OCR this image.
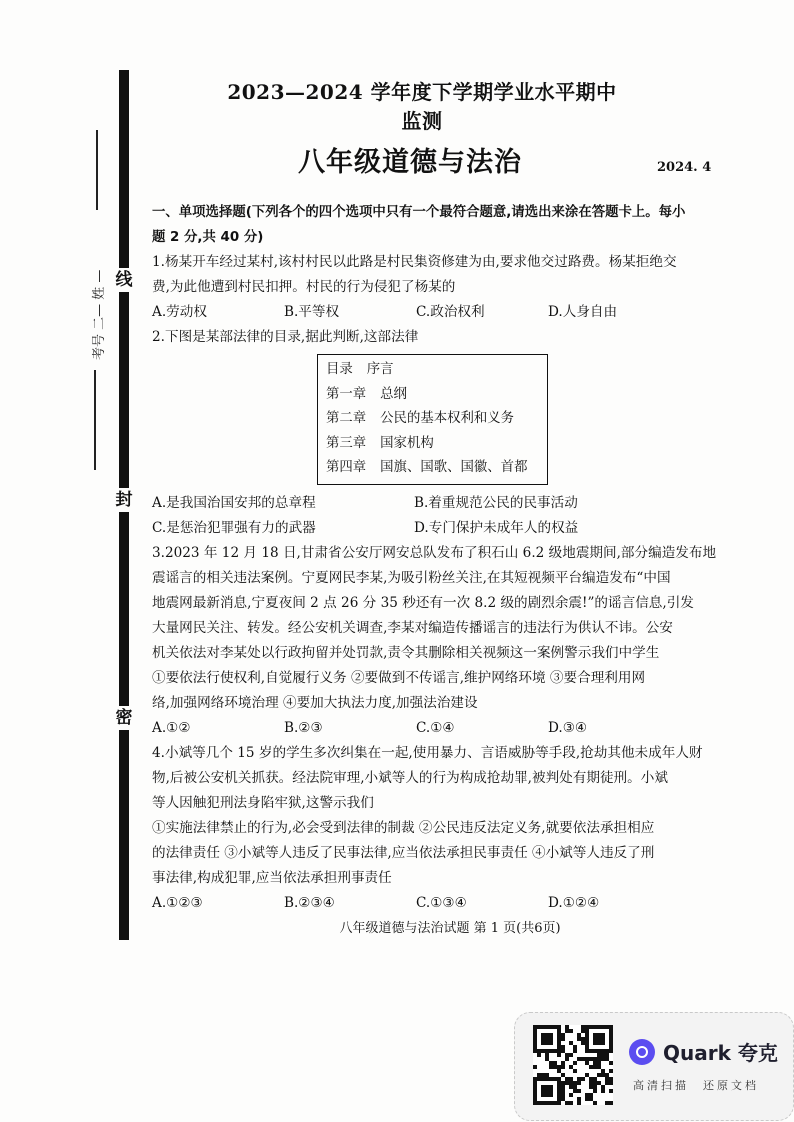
线
封
密
考号 二— 姓 —
2023—2024 学年度下学期学业水平期中监测
八年级道德与法治	2024. 4
一、单项选择题(下列各个的四个选项中只有一个最符合题意,请选出来涂在答题卡上。每小
题 2 分,共 40 分)
1.杨某开车经过某村,该村村民以此路是村民集资修建为由,要求他交过路费。杨某拒绝交
费,为此他遭到村民扣押。村民的行为侵犯了杨某的
A.劳动权	B.平等权	C.政治权利	D.人身自由
2.下图是某部法律的目录,据此判断,这部法律
目录 序言
第一章 总纲
第二章 公民的基本权利和义务
第三章 国家机构
第四章 国旗、国歌、国徽、首都
A.是我国治国安邦的总章程	B.着重规范公民的民事活动
C.是惩治犯罪强有力的武器	D.专门保护未成年人的权益
3.2023 年 12 月 18 日,甘肃省公安厅网安总队发布了积石山 6.2 级地震期间,部分编造发布地
震谣言的相关违法案例。宁夏网民李某,为吸引粉丝关注,在其短视频平台编造发布“中国
地震网最新消息,宁夏夜间 2 点 26 分 35 秒还有一次 8.2 级的剧烈余震!”的谣言信息,引发
大量网民关注、转发。经公安机关调查,李某对编造传播谣言的违法行为供认不讳。公安
机关依法对李某处以行政拘留并处罚款,责令其删除相关视频这一案例警示我们中学生
①要依法行使权利,自觉履行义务 ②要做到不传谣言,维护网络环境 ③要合理利用网
络,加强网络环境治理 ④要加大执法力度,加强法治建设
A.①②	B.②③	C.①④	D.③④
4.小斌等几个 15 岁的学生多次纠集在一起,使用暴力、言语威胁等手段,抢劫其他未成年人财
物,后被公安机关抓获。经法院审理,小斌等人的行为构成抢劫罪,被判处有期徒刑。小斌
等人因触犯刑法身陷牢狱,这警示我们
①实施法律禁止的行为,必会受到法律的制裁 ②公民违反法定义务,就要依法承担相应
的法律责任 ③小斌等人违反了民事法律,应当依法承担民事责任 ④小斌等人违反了刑
事法律,构成犯罪,应当依法承担刑事责任
A.①②③	B.②③④	C.①③④	D.①②④
八年级道德与法治试题 第 1 页(共6页)
Quark 夸克
高清扫描 还原文档
